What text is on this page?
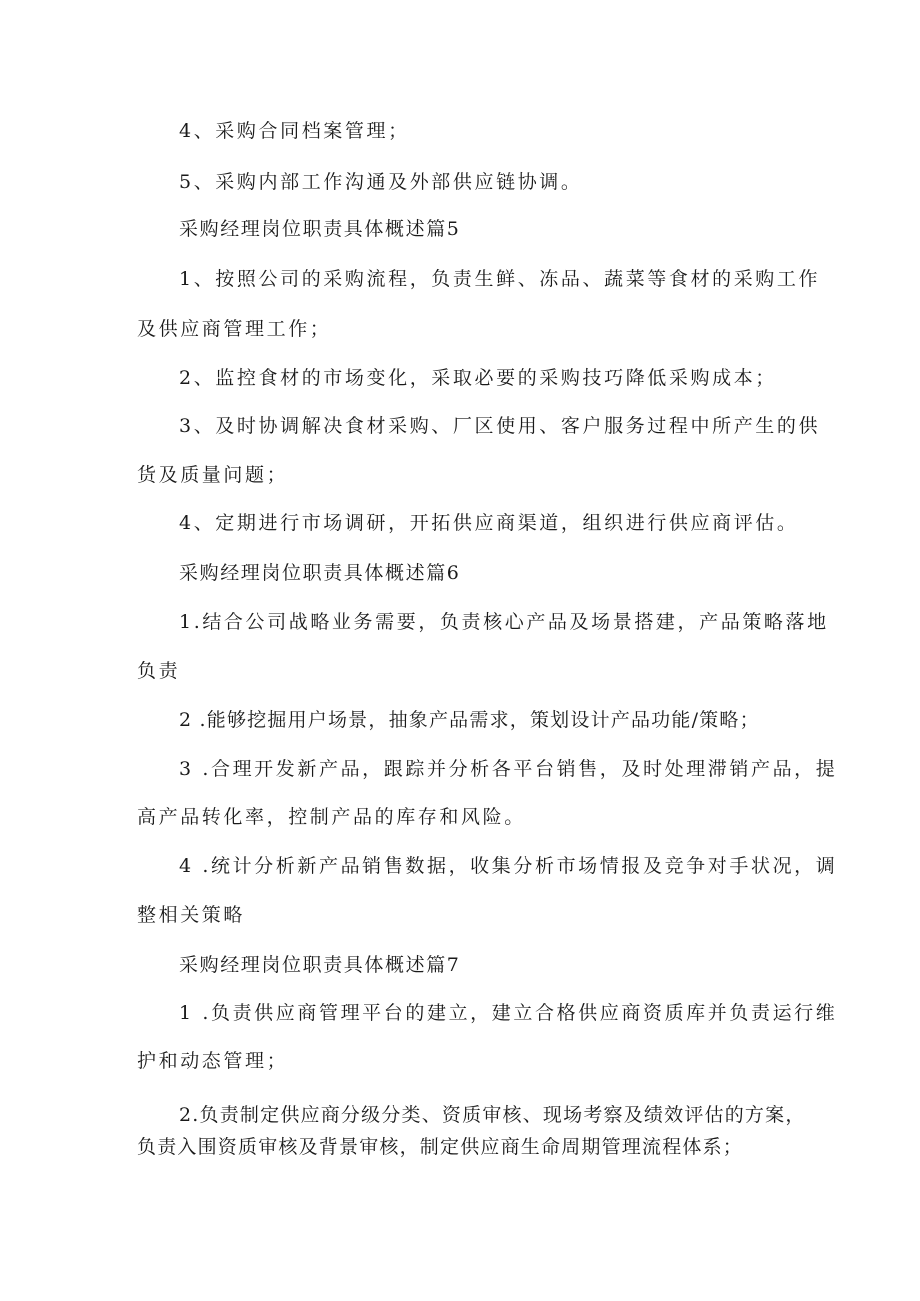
4、采购合同档案管理；
5、采购内部工作沟通及外部供应链协调。
采购经理岗位职责具体概述篇5
1、按照公司的采购流程，负责生鲜、冻品、蔬菜等食材的采购工作
及供应商管理工作；
2、监控食材的市场变化，采取必要的采购技巧降低采购成本；
3、及时协调解决食材采购、厂区使用、客户服务过程中所产生的供
货及质量问题；
4、定期进行市场调研，开拓供应商渠道，组织进行供应商评估。
采购经理岗位职责具体概述篇6
1.结合公司战略业务需要，负责核心产品及场景搭建，产品策略落地
负责
2 .能够挖掘用户场景，抽象产品需求，策划设计产品功能/策略；
3 .合理开发新产品，跟踪并分析各平台销售，及时处理滞销产品，提
高产品转化率，控制产品的库存和风险。
4 .统计分析新产品销售数据，收集分析市场情报及竞争对手状况，调
整相关策略
采购经理岗位职责具体概述篇7
1 .负责供应商管理平台的建立，建立合格供应商资质库并负责运行维
护和动态管理；
2.负责制定供应商分级分类、资质审核、现场考察及绩效评估的方案，
负责入围资质审核及背景审核，制定供应商生命周期管理流程体系；
